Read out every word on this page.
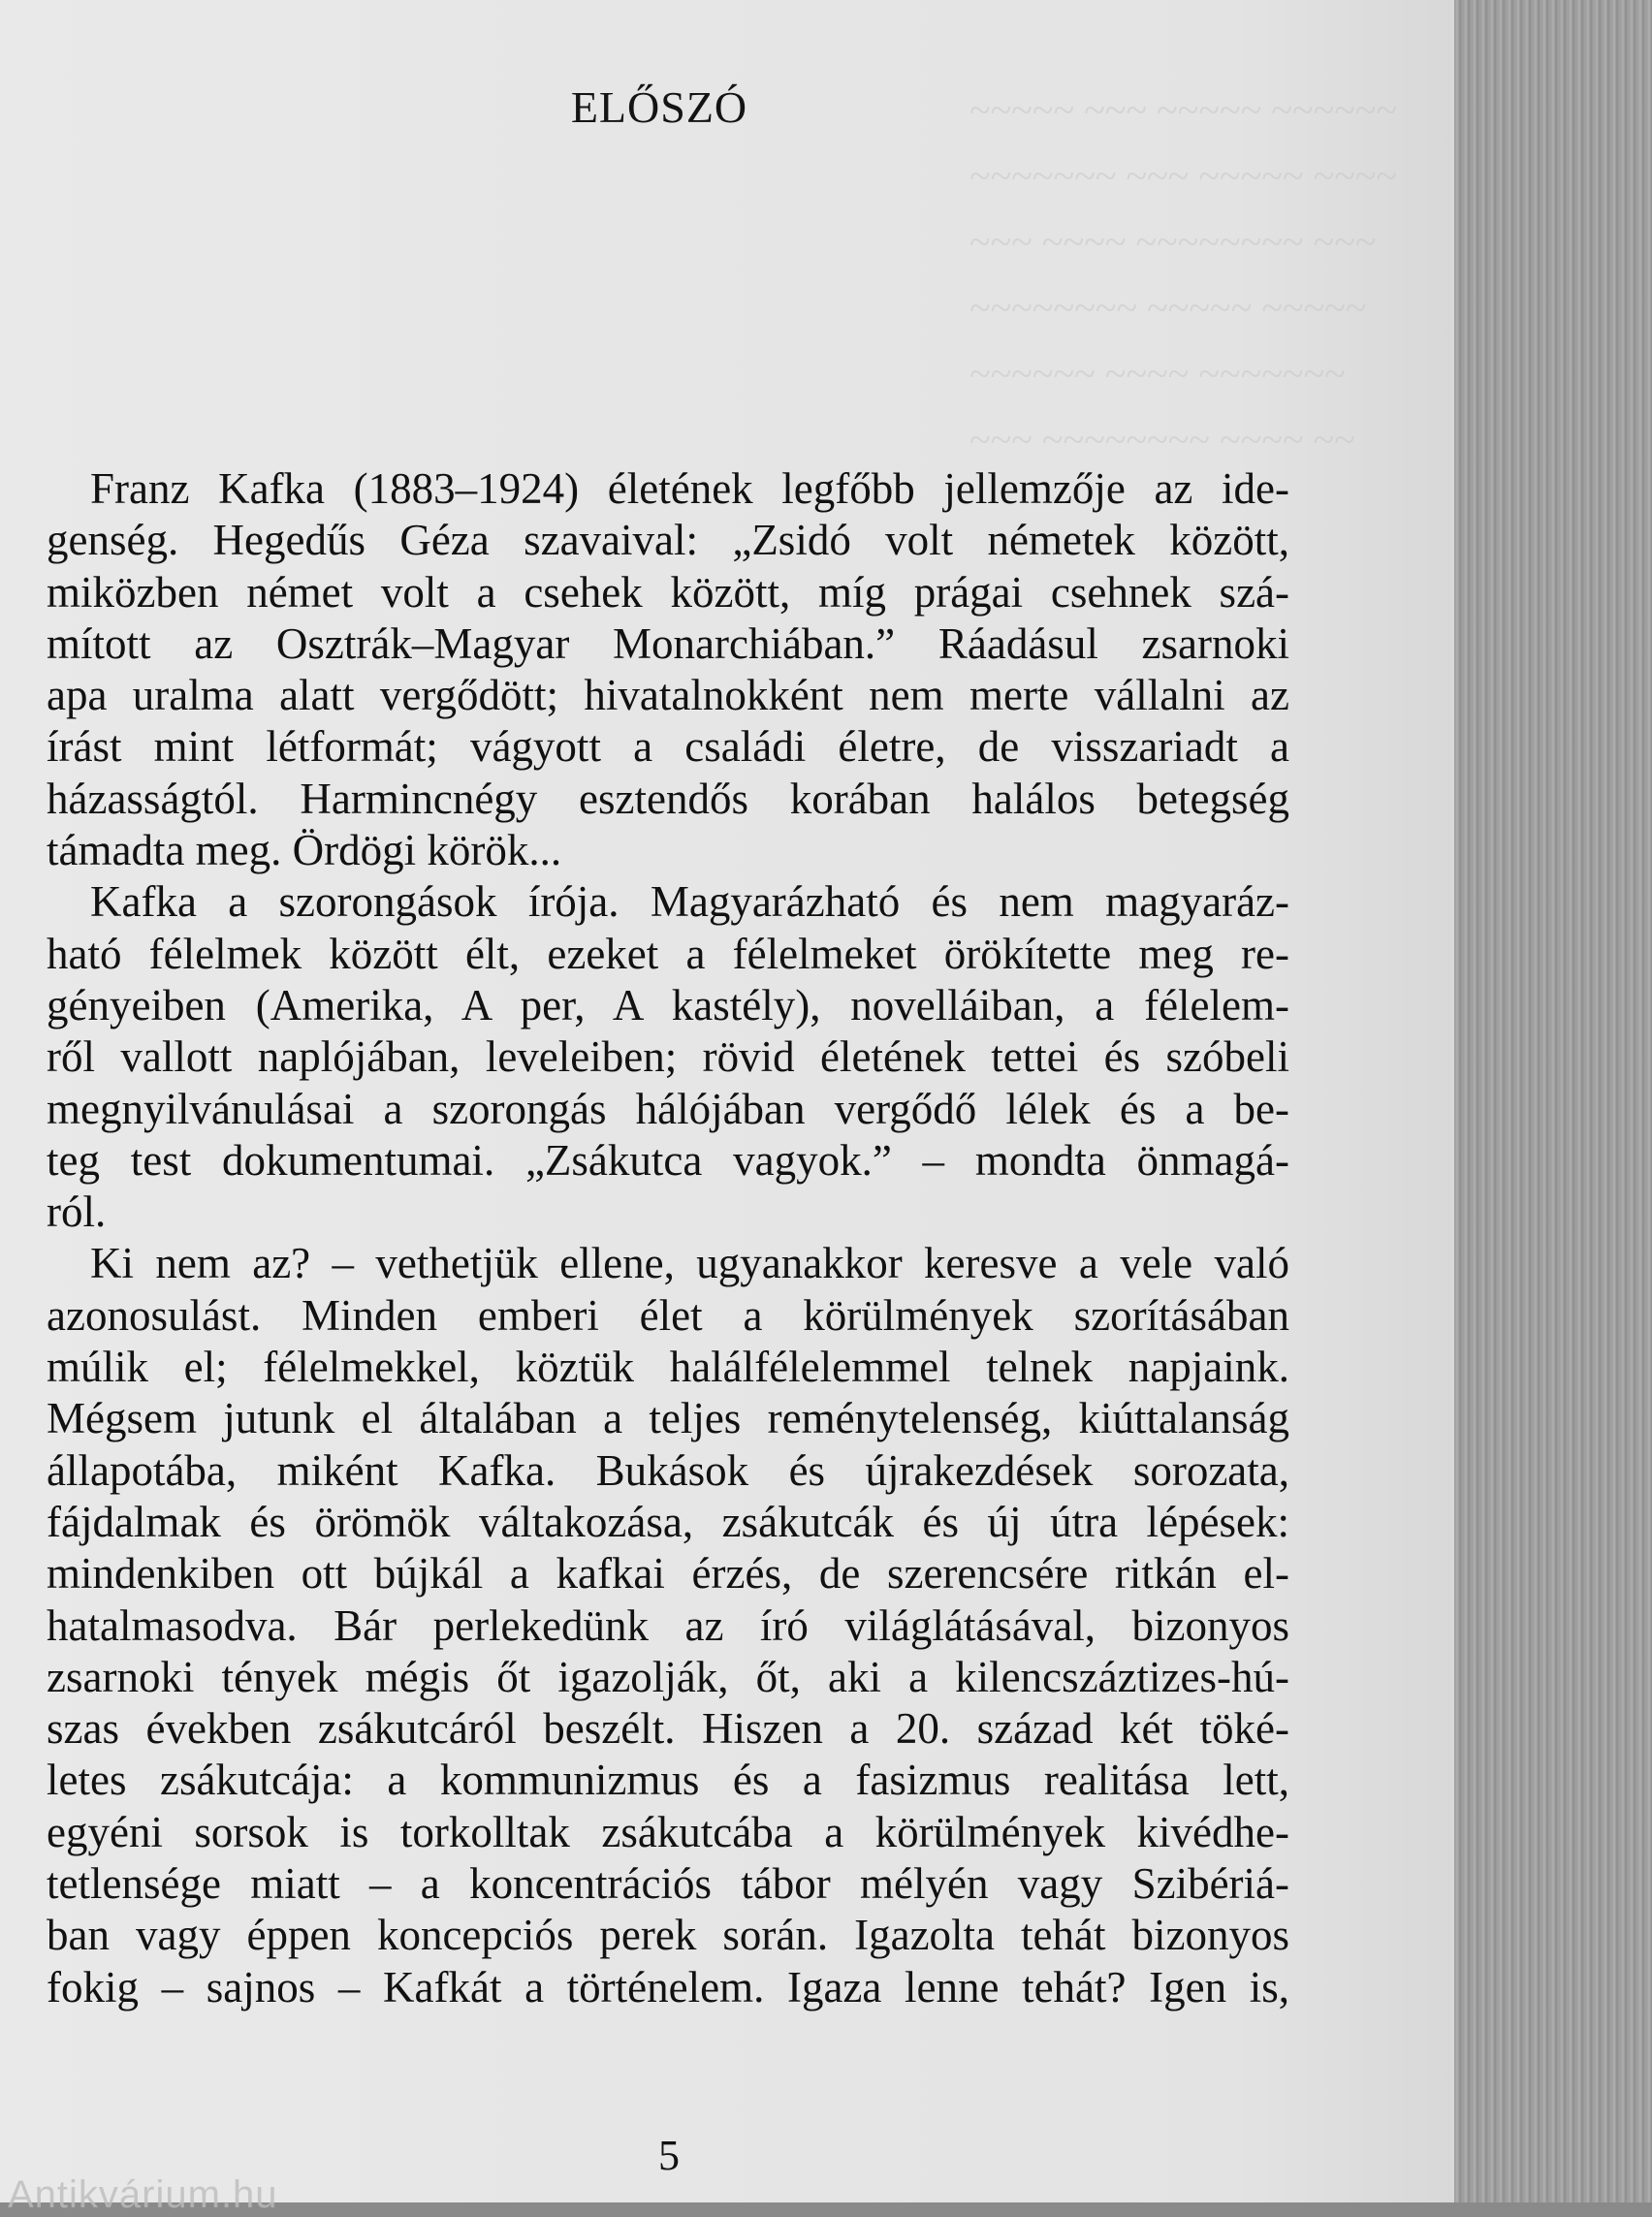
~~~~~ ~~~ ~~~~~ ~~~~~~
~~~~~~~ ~~~ ~~~~~ ~~~~
~~~ ~~~~ ~~~~~~~~ ~~~
~~~~~~~~ ~~~~~ ~~~~~
~~~~~~ ~~~~ ~~~~~~~
~~~ ~~~~~~~~ ~~~~ ~~
ELŐSZÓ
Franz Kafka (1883–1924) életének legfőbb jellemzője az ide-
genség. Hegedűs Géza szavaival: „Zsidó volt németek között,
miközben német volt a csehek között, míg prágai csehnek szá-
mított az Osztrák–Magyar Monarchiában.” Ráadásul zsarnoki
apa uralma alatt vergődött; hivatalnokként nem merte vállalni az
írást mint létformát; vágyott a családi életre, de visszariadt a
házasságtól. Harmincnégy esztendős korában halálos betegség
támadta meg. Ördögi körök...
Kafka a szorongások írója. Magyarázható és nem magyaráz-
ható félelmek között élt, ezeket a félelmeket örökítette meg re-
gényeiben (Amerika, A per, A kastély), novelláiban, a félelem-
ről vallott naplójában, leveleiben; rövid életének tettei és szóbeli
megnyilvánulásai a szorongás hálójában vergődő lélek és a be-
teg test dokumentumai. „Zsákutca vagyok.” – mondta önmagá-
ról.
Ki nem az? – vethetjük ellene, ugyanakkor keresve a vele való
azonosulást. Minden emberi élet a körülmények szorításában
múlik el; félelmekkel, köztük halálfélelemmel telnek napjaink.
Mégsem jutunk el általában a teljes reménytelenség, kiúttalanság
állapotába, miként Kafka. Bukások és újrakezdések sorozata,
fájdalmak és örömök váltakozása, zsákutcák és új útra lépések:
mindenkiben ott bújkál a kafkai érzés, de szerencsére ritkán el-
hatalmasodva. Bár perlekedünk az író világlátásával, bizonyos
zsarnoki tények mégis őt igazolják, őt, aki a kilencszáztizes-hú-
szas években zsákutcáról beszélt. Hiszen a 20. század két töké-
letes zsákutcája: a kommunizmus és a fasizmus realitása lett,
egyéni sorsok is torkolltak zsákutcába a körülmények kivédhe-
tetlensége miatt – a koncentrációs tábor mélyén vagy Szibériá-
ban vagy éppen koncepciós perek során. Igazolta tehát bizonyos
fokig – sajnos – Kafkát a történelem. Igaza lenne tehát? Igen is,
5
Antikvárium.hu
